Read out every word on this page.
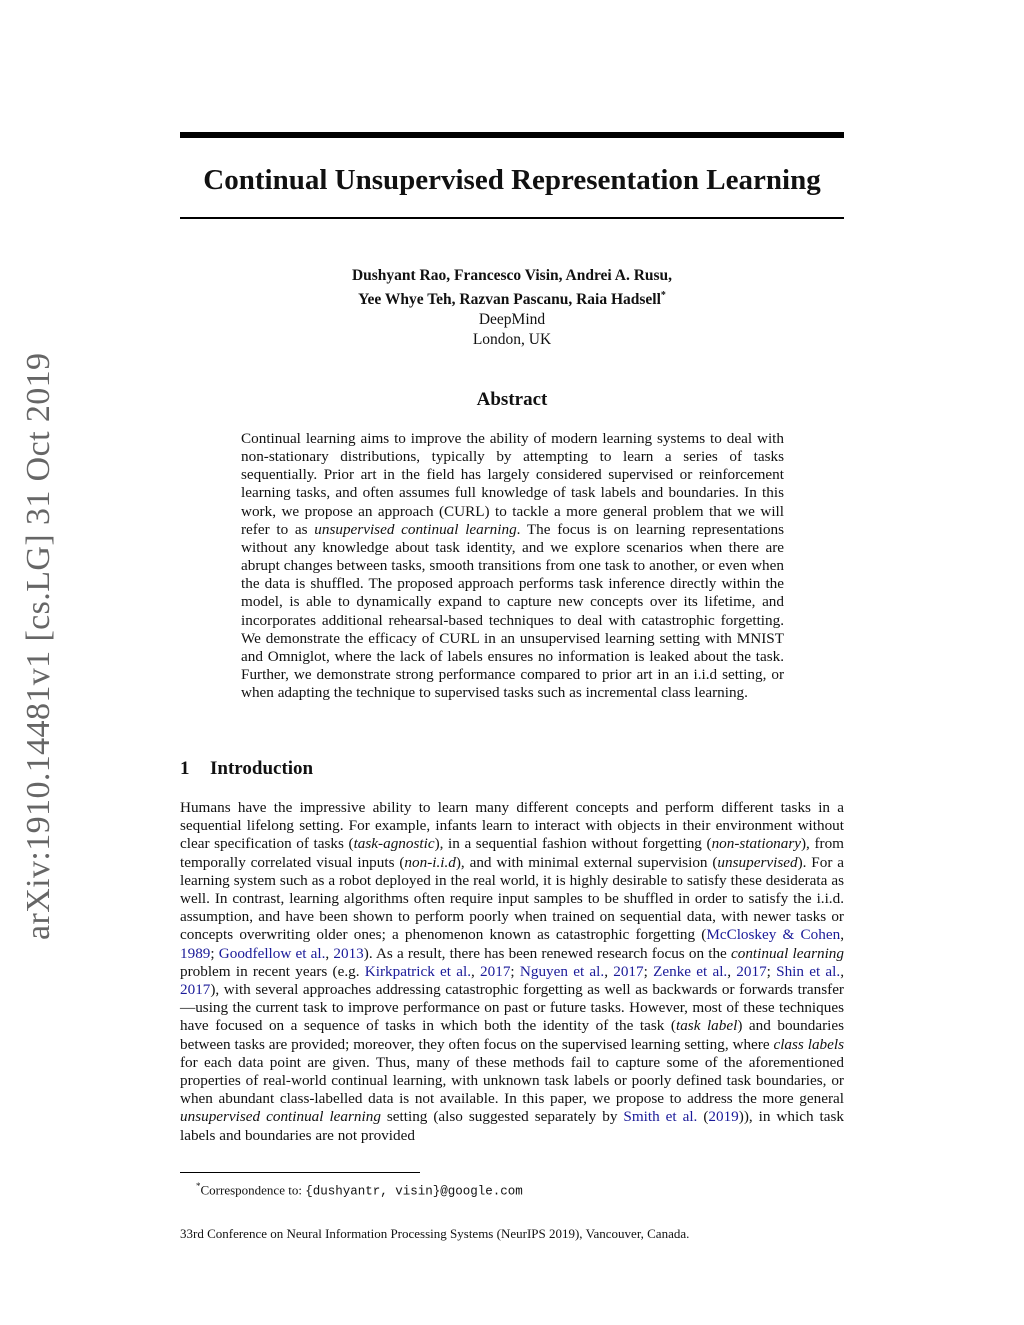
arXiv:1910.14481v1 [cs.LG] 31 Oct 2019
Continual Unsupervised Representation Learning
Dushyant Rao, Francesco Visin, Andrei A. Rusu,
Yee Whye Teh, Razvan Pascanu, Raia Hadsell*
DeepMind
London, UK
Abstract
Continual learning aims to improve the ability of modern learning systems to deal with non-stationary distributions, typically by attempting to learn a series of tasks sequentially. Prior art in the field has largely considered supervised or reinforcement learning tasks, and often assumes full knowledge of task labels and boundaries. In this work, we propose an approach (CURL) to tackle a more general problem that we will refer to as unsupervised continual learning. The focus is on learning representations without any knowledge about task identity, and we explore scenarios when there are abrupt changes between tasks, smooth transitions from one task to another, or even when the data is shuffled. The proposed approach performs task inference directly within the model, is able to dynamically expand to capture new concepts over its lifetime, and incorporates additional rehearsal-based techniques to deal with catastrophic forgetting. We demonstrate the efficacy of CURL in an unsupervised learning setting with MNIST and Omniglot, where the lack of labels ensures no information is leaked about the task. Further, we demonstrate strong performance compared to prior art in an i.i.d setting, or when adapting the technique to supervised tasks such as incremental class learning.
1 Introduction
Humans have the impressive ability to learn many different concepts and perform different tasks in a sequential lifelong setting. For example, infants learn to interact with objects in their environment without clear specification of tasks (task-agnostic), in a sequential fashion without forgetting (non-stationary), from temporally correlated visual inputs (non-i.i.d), and with minimal external supervision (unsupervised). For a learning system such as a robot deployed in the real world, it is highly desirable to satisfy these desiderata as well. In contrast, learning algorithms often require input samples to be shuffled in order to satisfy the i.i.d. assumption, and have been shown to perform poorly when trained on sequential data, with newer tasks or concepts overwriting older ones; a phenomenon known as catastrophic forgetting (McCloskey & Cohen, 1989; Goodfellow et al., 2013). As a result, there has been renewed research focus on the continual learning problem in recent years (e.g. Kirkpatrick et al., 2017; Nguyen et al., 2017; Zenke et al., 2017; Shin et al., 2017), with several approaches addressing catastrophic forgetting as well as backwards or forwards transfer—using the current task to improve performance on past or future tasks. However, most of these techniques have focused on a sequence of tasks in which both the identity of the task (task label) and boundaries between tasks are provided; moreover, they often focus on the supervised learning setting, where class labels for each data point are given. Thus, many of these methods fail to capture some of the aforementioned properties of real-world continual learning, with unknown task labels or poorly defined task boundaries, or when abundant class-labelled data is not available. In this paper, we propose to address the more general unsupervised continual learning setting (also suggested separately by Smith et al. (2019)), in which task labels and boundaries are not provided
*Correspondence to: {dushyantr, visin}@google.com
33rd Conference on Neural Information Processing Systems (NeurIPS 2019), Vancouver, Canada.
